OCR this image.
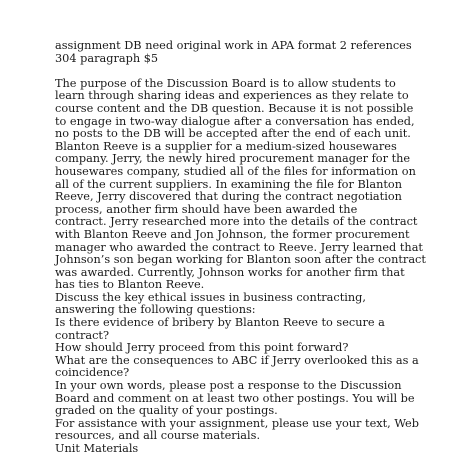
assignment DB need original work in APA format 2 references
304 paragraph $5
The purpose of the Discussion Board is to allow students to
learn through sharing ideas and experiences as they relate to
course content and the DB question. Because it is not possible
to engage in two-way dialogue after a conversation has ended,
no posts to the DB will be accepted after the end of each unit.
Blanton Reeve is a supplier for a medium-sized housewares
company. Jerry, the newly hired procurement manager for the
housewares company, studied all of the files for information on
all of the current suppliers. In examining the file for Blanton
Reeve, Jerry discovered that during the contract negotiation
process, another firm should have been awarded the
contract. Jerry researched more into the details of the contract
with Blanton Reeve and Jon Johnson, the former procurement
manager who awarded the contract to Reeve. Jerry learned that
Johnson’s son began working for Blanton soon after the contract
was awarded. Currently, Johnson works for another firm that
has ties to Blanton Reeve.
Discuss the key ethical issues in business contracting,
answering the following questions:
Is there evidence of bribery by Blanton Reeve to secure a
contract?
How should Jerry proceed from this point forward?
What are the consequences to ABC if Jerry overlooked this as a
coincidence?
In your own words, please post a response to the Discussion
Board and comment on at least two other postings. You will be
graded on the quality of your postings.
For assistance with your assignment, please use your text, Web
resources, and all course materials.
Unit Materials
